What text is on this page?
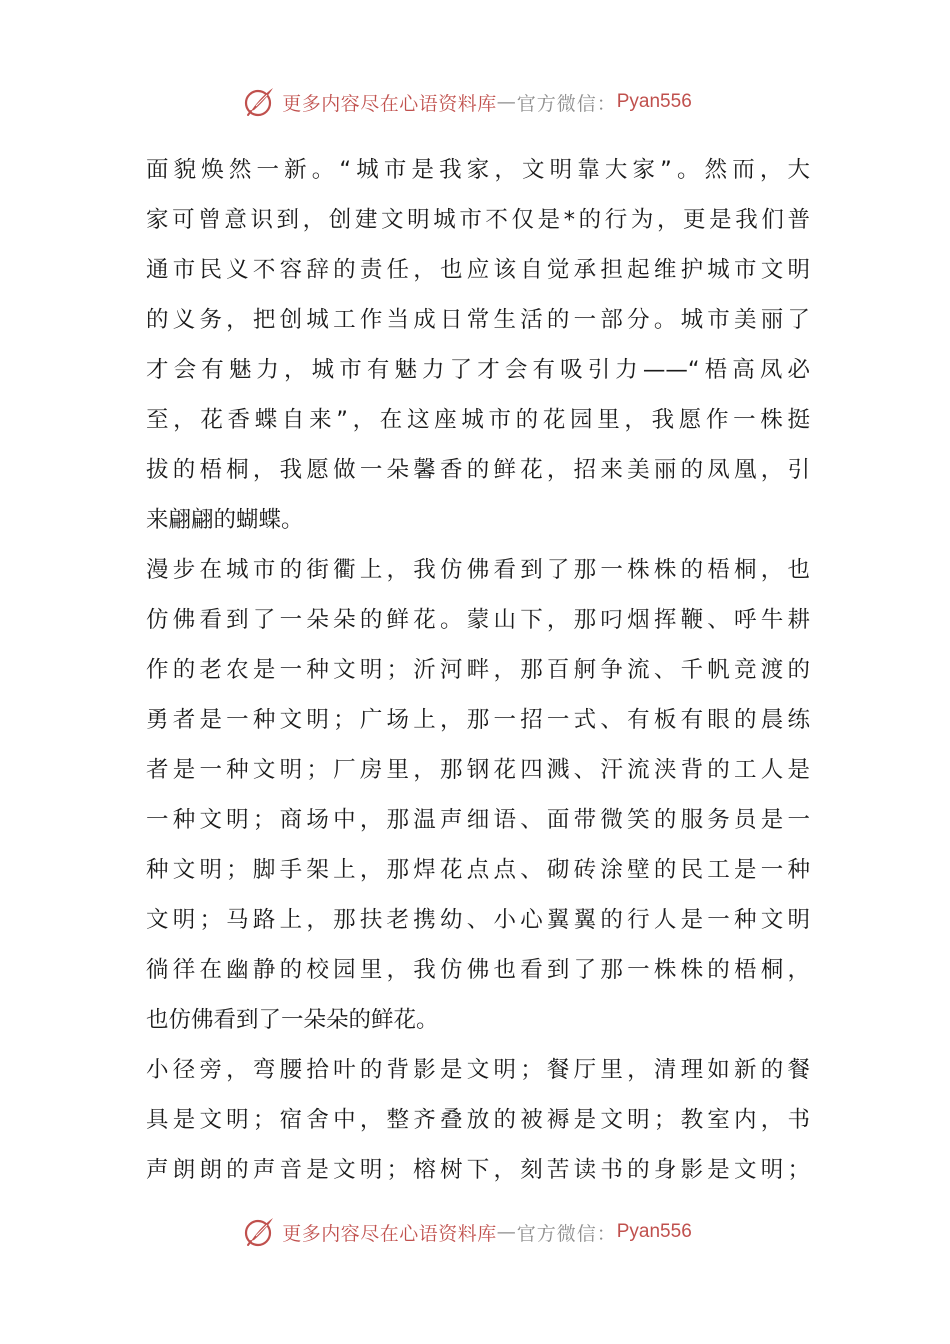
更多内容尽在心语资料库 — 官方微信： Pyan556
面貌焕然一新。“城市是我家，文明靠大家”。然而，大
家可曾意识到，创建文明城市不仅是*的行为，更是我们普
通市民义不容辞的责任，也应该自觉承担起维护城市文明
的义务，把创城工作当成日常生活的一部分。城市美丽了
才会有魅力，城市有魅力了才会有吸引力——“梧高凤必
至，花香蝶自来”，在这座城市的花园里，我愿作一株挺
拔的梧桐，我愿做一朵馨香的鲜花，招来美丽的凤凰，引
来翩翩的蝴蝶。
漫步在城市的街衢上，我仿佛看到了那一株株的梧桐，也
仿佛看到了一朵朵的鲜花。蒙山下，那叼烟挥鞭、呼牛耕
作的老农是一种文明；沂河畔，那百舸争流、千帆竞渡的
勇者是一种文明；广场上，那一招一式、有板有眼的晨练
者是一种文明；厂房里，那钢花四溅、汗流浃背的工人是
一种文明；商场中，那温声细语、面带微笑的服务员是一
种文明；脚手架上，那焊花点点、砌砖涂壁的民工是一种
文明；马路上，那扶老携幼、小心翼翼的行人是一种文明
徜徉在幽静的校园里，我仿佛也看到了那一株株的梧桐，
也仿佛看到了一朵朵的鲜花。
小径旁，弯腰拾叶的背影是文明；餐厅里，清理如新的餐
具是文明；宿舍中，整齐叠放的被褥是文明；教室内，书
声朗朗的声音是文明；榕树下，刻苦读书的身影是文明；
更多内容尽在心语资料库 — 官方微信： Pyan556
